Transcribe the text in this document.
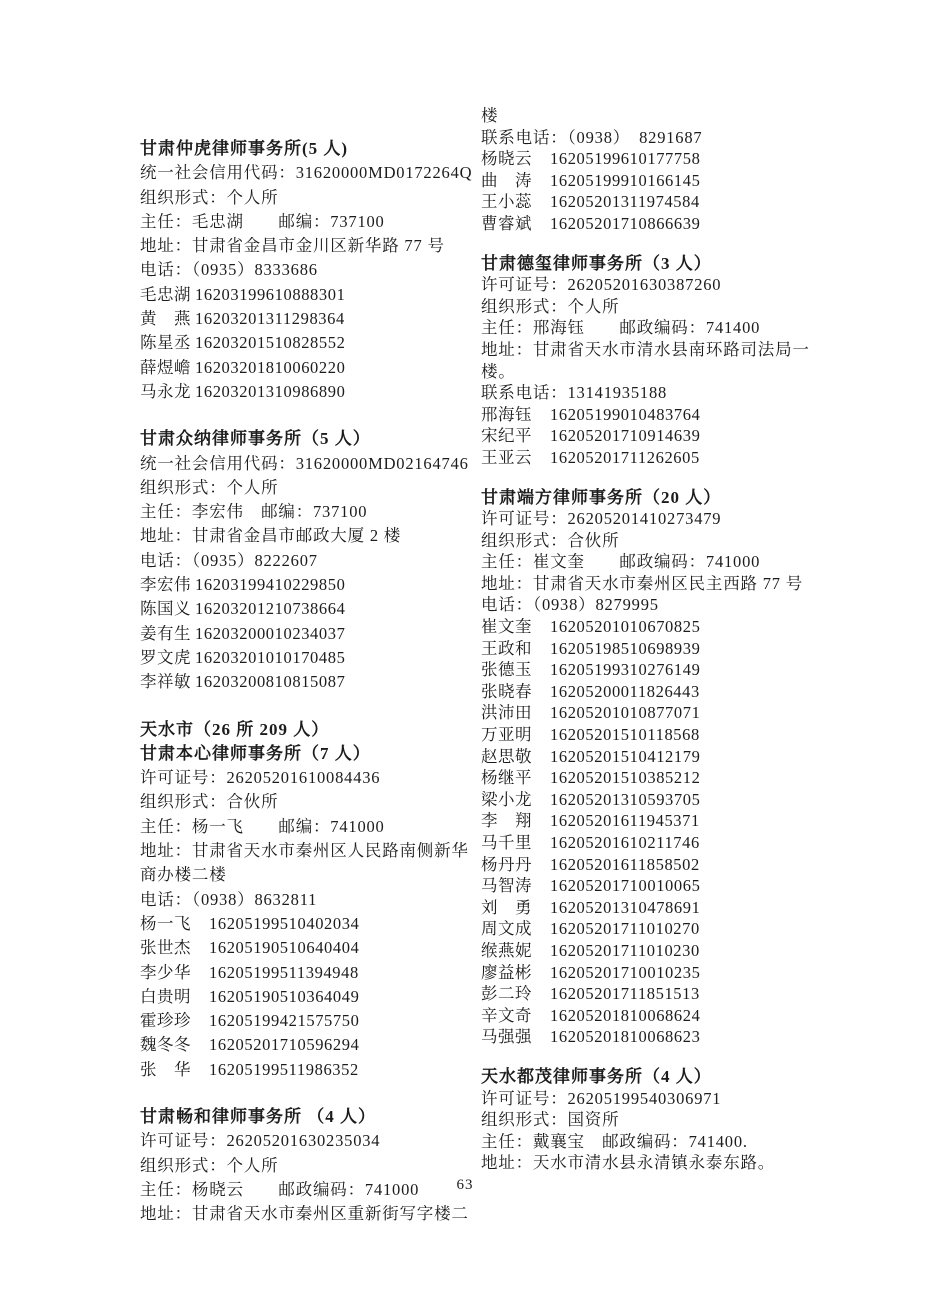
甘肃仲虎律师事务所(5 人)
统一社会信用代码：31620000MD0172264Q
组织形式：个人所
主任：毛忠湖　　邮编：737100
地址：甘肃省金昌市金川区新华路 77 号
电话：（0935）8333686
毛忠湖 16203199610888301
黄　燕 16203201311298364
陈星丞 16203201510828552
薛煜嶦 16203201810060220
马永龙 16203201310986890
甘肃众纳律师事务所（5 人）
统一社会信用代码：31620000MD02164746
组织形式：个人所
主任：李宏伟　邮编：737100
地址：甘肃省金昌市邮政大厦 2 楼
电话：（0935）8222607
李宏伟 16203199410229850
陈国义 16203201210738664
姜有生 16203200010234037
罗文虎 16203201010170485
李祥敏 16203200810815087
天水市（26 所 209 人）
甘肃本心律师事务所（7 人）
许可证号：26205201610084436
组织形式：合伙所
主任：杨一飞　　邮编：741000
地址：甘肃省天水市秦州区人民路南侧新华
商办楼二楼
电话：（0938）8632811
杨一飞 16205199510402034
张世杰 16205190510640404
李少华 16205199511394948
白贵明 16205190510364049
霍珍珍 16205199421575750
魏冬冬 16205201710596294
张　华 16205199511986352
甘肃畅和律师事务所 （4 人）
许可证号：26205201630235034
组织形式：个人所
主任：杨晓云　　邮政编码：741000
地址：甘肃省天水市秦州区重新街写字楼二
楼
联系电话：（0938）　8291687
杨晓云 16205199610177758
曲　涛 16205199910166145
王小蕊 16205201311974584
曹睿斌 16205201710866639
甘肃德玺律师事务所（3 人）
许可证号：26205201630387260
组织形式：个人所
主任：邢海钰　　邮政编码：741400
地址：甘肃省天水市清水县南环路司法局一
楼。
联系电话：13141935188
邢海钰 16205199010483764
宋纪平 16205201710914639
王亚云 16205201711262605
甘肃端方律师事务所（20 人）
许可证号：26205201410273479
组织形式：合伙所
主任：崔文奎　　邮政编码：741000
地址：甘肃省天水市秦州区民主西路 77 号
电话：（0938）8279995
崔文奎 16205201010670825
王政和 16205198510698939
张德玉 16205199310276149
张晓春 16205200011826443
洪沛田 16205201010877071
万亚明 16205201510118568
赵思敬 16205201510412179
杨继平 16205201510385212
梁小龙 16205201310593705
李　翔 16205201611945371
马千里 16205201610211746
杨丹丹 16205201611858502
马智涛 16205201710010065
刘　勇 16205201310478691
周文成 16205201711010270
缑燕妮 16205201711010230
廖益彬 16205201710010235
彭二玲 16205201711851513
辛文奇 16205201810068624
马强强 16205201810068623
天水都茂律师事务所（4 人）
许可证号：26205199540306971
组织形式：国资所
主任：戴襄宝　邮政编码：741400.
地址：天水市清水县永清镇永泰东路。
63
